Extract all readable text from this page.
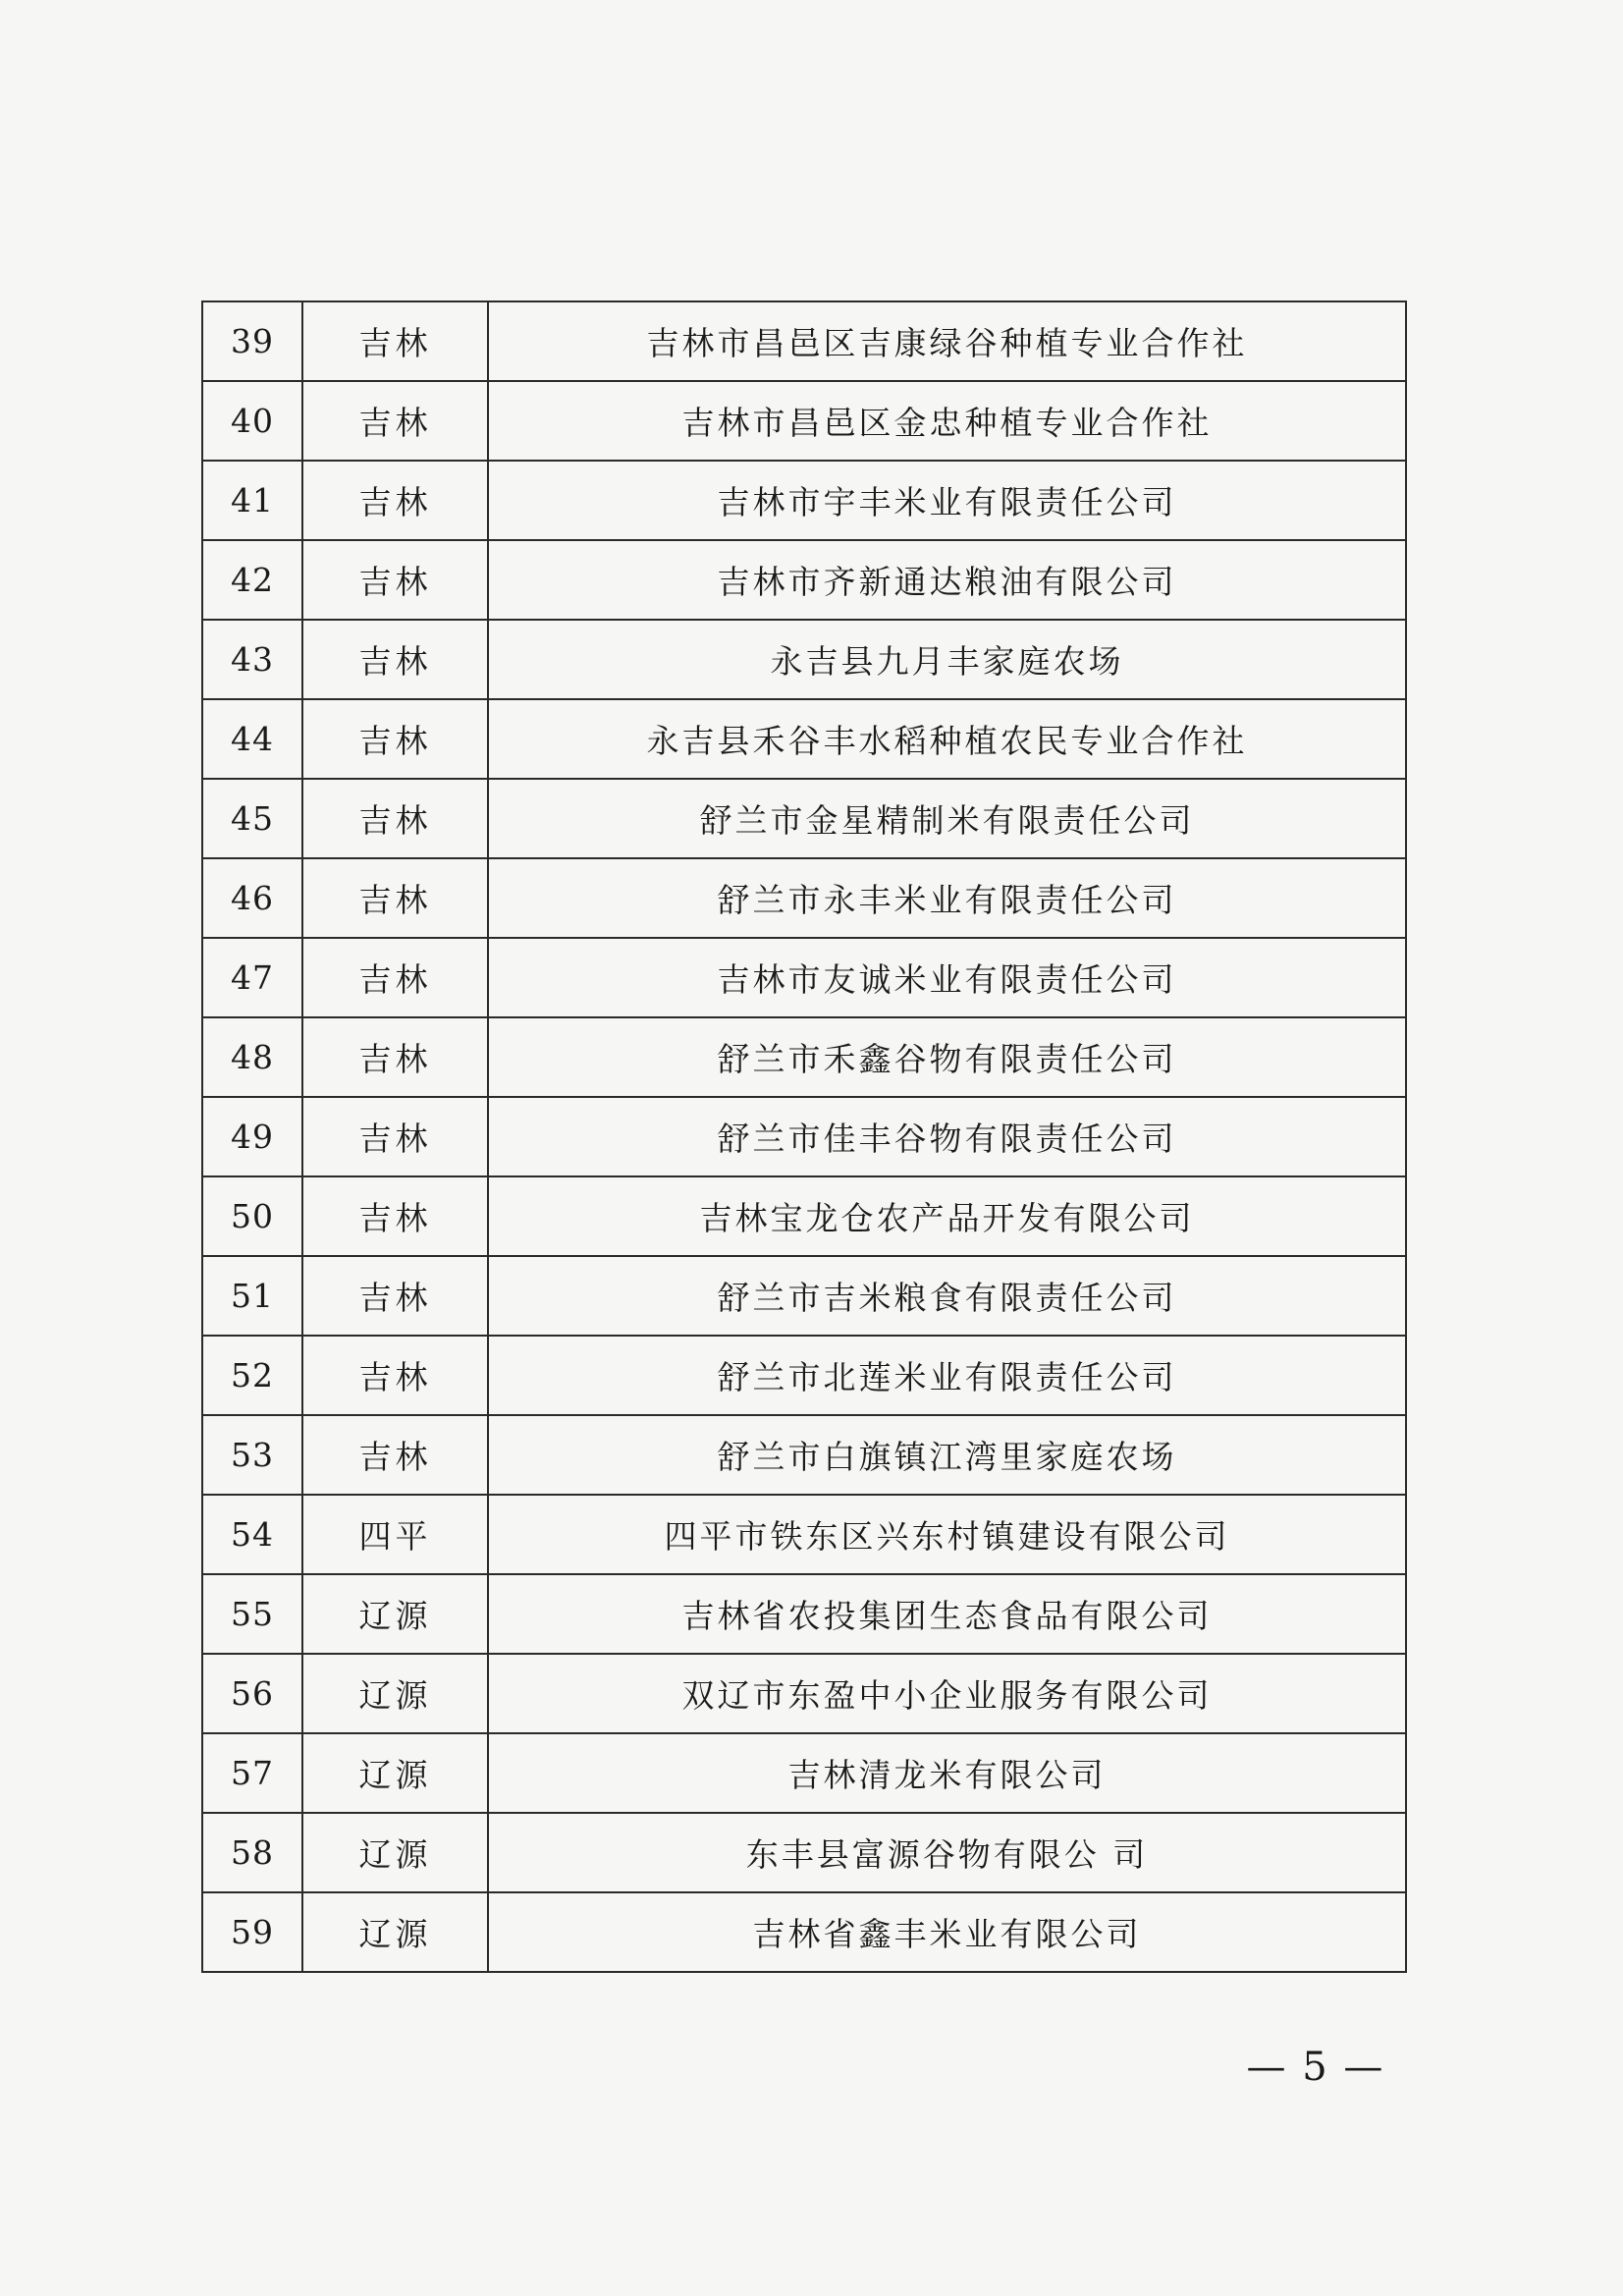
39	吉林	吉林市昌邑区吉康绿谷种植专业合作社
40	吉林	吉林市昌邑区金忠种植专业合作社
41	吉林	吉林市宇丰米业有限责任公司
42	吉林	吉林市齐新通达粮油有限公司
43	吉林	永吉县九月丰家庭农场
44	吉林	永吉县禾谷丰水稻种植农民专业合作社
45	吉林	舒兰市金星精制米有限责任公司
46	吉林	舒兰市永丰米业有限责任公司
47	吉林	吉林市友诚米业有限责任公司
48	吉林	舒兰市禾鑫谷物有限责任公司
49	吉林	舒兰市佳丰谷物有限责任公司
50	吉林	吉林宝龙仓农产品开发有限公司
51	吉林	舒兰市吉米粮食有限责任公司
52	吉林	舒兰市北莲米业有限责任公司
53	吉林	舒兰市白旗镇江湾里家庭农场
54	四平	四平市铁东区兴东村镇建设有限公司
55	辽源	吉林省农投集团生态食品有限公司
56	辽源	双辽市东盈中小企业服务有限公司
57	辽源	吉林清龙米有限公司
58	辽源	东丰县富源谷物有限公 司
59	辽源	吉林省鑫丰米业有限公司
— 5 —
